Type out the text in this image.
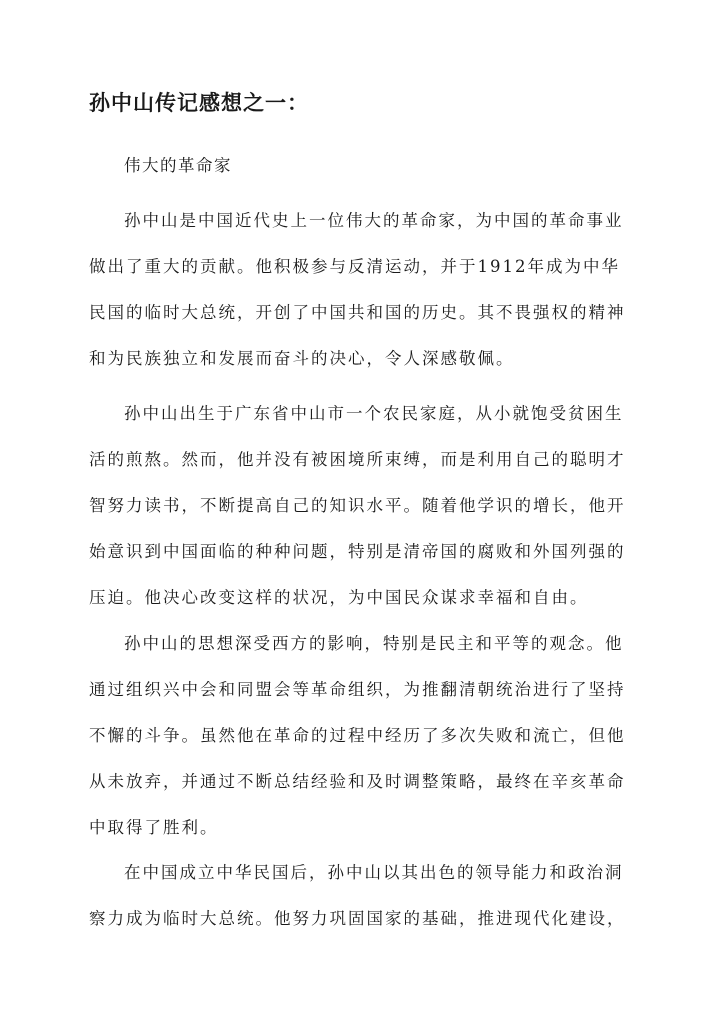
孙中山传记感想之一：

伟大的革命家

孙中山是中国近代史上一位伟大的革命家，为中国的革命事业
做出了重大的贡献。他积极参与反清运动，并于1912年成为中华
民国的临时大总统，开创了中国共和国的历史。其不畏强权的精神
和为民族独立和发展而奋斗的决心，令人深感敬佩。
孙中山出生于广东省中山市一个农民家庭，从小就饱受贫困生
活的煎熬。然而，他并没有被困境所束缚，而是利用自己的聪明才
智努力读书，不断提高自己的知识水平。随着他学识的增长，他开
始意识到中国面临的种种问题，特别是清帝国的腐败和外国列强的
压迫。他决心改变这样的状况，为中国民众谋求幸福和自由。
孙中山的思想深受西方的影响，特别是民主和平等的观念。他
通过组织兴中会和同盟会等革命组织，为推翻清朝统治进行了坚持
不懈的斗争。虽然他在革命的过程中经历了多次失败和流亡，但他
从未放弃，并通过不断总结经验和及时调整策略，最终在辛亥革命
中取得了胜利。
在中国成立中华民国后，孙中山以其出色的领导能力和政治洞
察力成为临时大总统。他努力巩固国家的基础，推进现代化建设，
